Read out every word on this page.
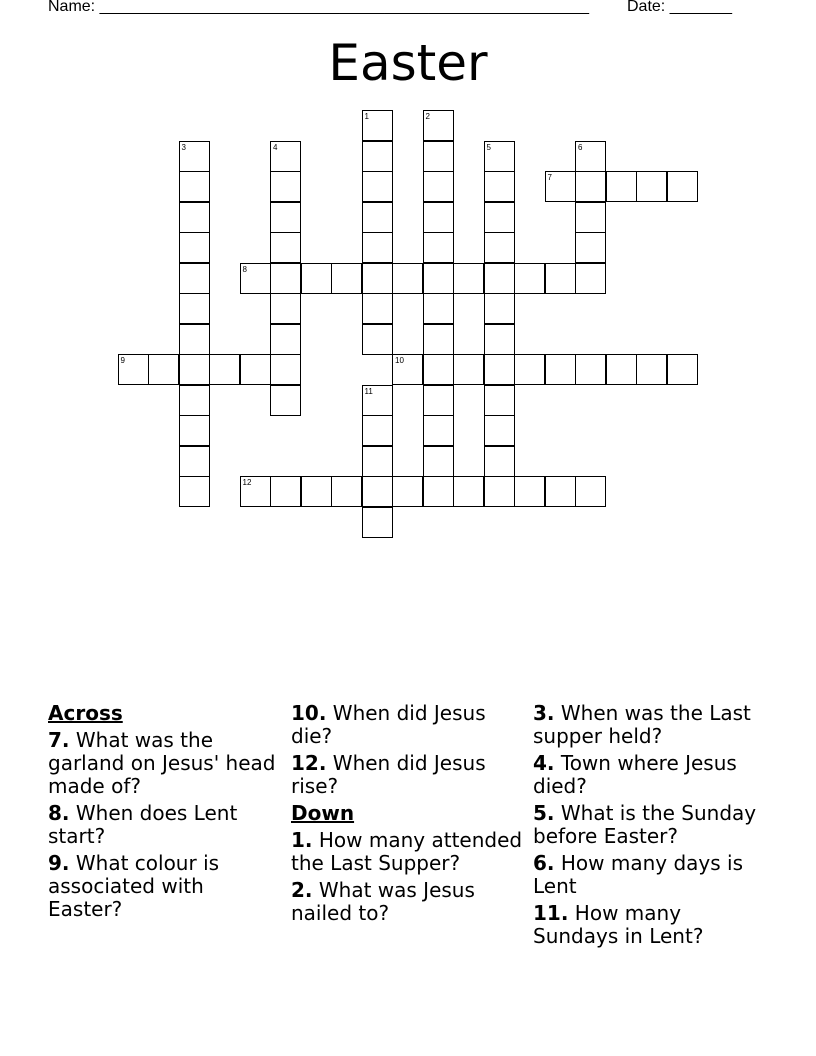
Name: _______________________________________________________ Date: _______
Easter
1	2
3	4	5	6
7
8
9	10
11
12
Across
7. What was the garland on Jesus' head made of?
8. When does Lent start?
9. What colour is associated with Easter?
10. When did Jesus die?
12. When did Jesus rise?
Down
1. How many attended the Last Supper?
2. What was Jesus nailed to?
3. When was the Last supper held?
4. Town where Jesus died?
5. What is the Sunday before Easter?
6. How many days is Lent
11. How many Sundays in Lent?
